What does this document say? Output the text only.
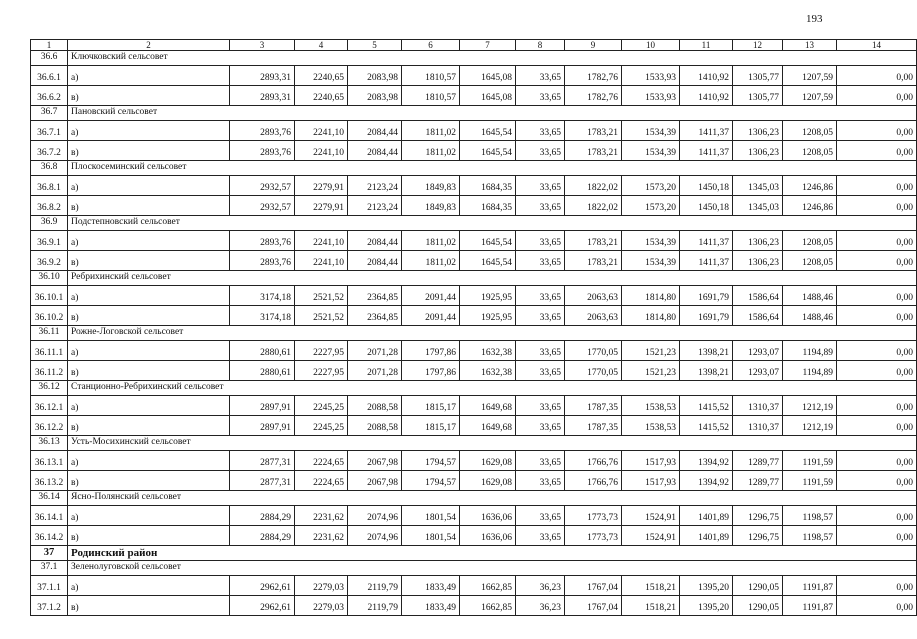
193
1	2	3	4	5	6	7	8	9	10	11	12	13	14
36.6	Ключковский сельсовет												
36.6.1	а)	2893,31	2240,65	2083,98	1810,57	1645,08	33,65	1782,76	1533,93	1410,92	1305,77	1207,59	0,00
36.6.2	в)	2893,31	2240,65	2083,98	1810,57	1645,08	33,65	1782,76	1533,93	1410,92	1305,77	1207,59	0,00
36.7	Пановский сельсовет												
36.7.1	а)	2893,76	2241,10	2084,44	1811,02	1645,54	33,65	1783,21	1534,39	1411,37	1306,23	1208,05	0,00
36.7.2	в)	2893,76	2241,10	2084,44	1811,02	1645,54	33,65	1783,21	1534,39	1411,37	1306,23	1208,05	0,00
36.8	Плоскосеминский сельсовет												
36.8.1	а)	2932,57	2279,91	2123,24	1849,83	1684,35	33,65	1822,02	1573,20	1450,18	1345,03	1246,86	0,00
36.8.2	в)	2932,57	2279,91	2123,24	1849,83	1684,35	33,65	1822,02	1573,20	1450,18	1345,03	1246,86	0,00
36.9	Подстепновский сельсовет												
36.9.1	а)	2893,76	2241,10	2084,44	1811,02	1645,54	33,65	1783,21	1534,39	1411,37	1306,23	1208,05	0,00
36.9.2	в)	2893,76	2241,10	2084,44	1811,02	1645,54	33,65	1783,21	1534,39	1411,37	1306,23	1208,05	0,00
36.10	Ребрихинский сельсовет												
36.10.1	а)	3174,18	2521,52	2364,85	2091,44	1925,95	33,65	2063,63	1814,80	1691,79	1586,64	1488,46	0,00
36.10.2	в)	3174,18	2521,52	2364,85	2091,44	1925,95	33,65	2063,63	1814,80	1691,79	1586,64	1488,46	0,00
36.11	Рожне-Логовской сельсовет												
36.11.1	а)	2880,61	2227,95	2071,28	1797,86	1632,38	33,65	1770,05	1521,23	1398,21	1293,07	1194,89	0,00
36.11.2	в)	2880,61	2227,95	2071,28	1797,86	1632,38	33,65	1770,05	1521,23	1398,21	1293,07	1194,89	0,00
36.12	Станционно-Ребрихинский сельсовет												
36.12.1	а)	2897,91	2245,25	2088,58	1815,17	1649,68	33,65	1787,35	1538,53	1415,52	1310,37	1212,19	0,00
36.12.2	в)	2897,91	2245,25	2088,58	1815,17	1649,68	33,65	1787,35	1538,53	1415,52	1310,37	1212,19	0,00
36.13	Усть-Мосихинский сельсовет												
36.13.1	а)	2877,31	2224,65	2067,98	1794,57	1629,08	33,65	1766,76	1517,93	1394,92	1289,77	1191,59	0,00
36.13.2	в)	2877,31	2224,65	2067,98	1794,57	1629,08	33,65	1766,76	1517,93	1394,92	1289,77	1191,59	0,00
36.14	Ясно-Полянский сельсовет												
36.14.1	а)	2884,29	2231,62	2074,96	1801,54	1636,06	33,65	1773,73	1524,91	1401,89	1296,75	1198,57	0,00
36.14.2	в)	2884,29	2231,62	2074,96	1801,54	1636,06	33,65	1773,73	1524,91	1401,89	1296,75	1198,57	0,00
37	Родинский район												
37.1	Зеленолуговской сельсовет												
37.1.1	а)	2962,61	2279,03	2119,79	1833,49	1662,85	36,23	1767,04	1518,21	1395,20	1290,05	1191,87	0,00
37.1.2	в)	2962,61	2279,03	2119,79	1833,49	1662,85	36,23	1767,04	1518,21	1395,20	1290,05	1191,87	0,00
